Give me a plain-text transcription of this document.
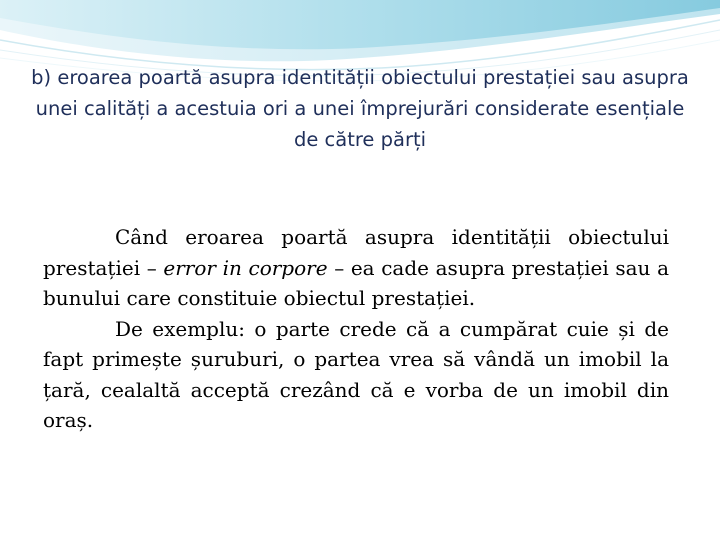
b) eroarea poartă asupra identității obiectului prestației sau asupra unei calități a acestuia ori a unei împrejurări considerate esențiale de către părți

Când eroarea poartă asupra identității obiectului prestației – error in corpore – ea cade asupra prestației sau a bunului care constituie obiectul prestației.

De exemplu: o parte crede că a cumpărat cuie și de fapt primește șuruburi, o partea vrea să vândă un imobil la țară, cealaltă acceptă crezând că e vorba de un imobil din oraș.
